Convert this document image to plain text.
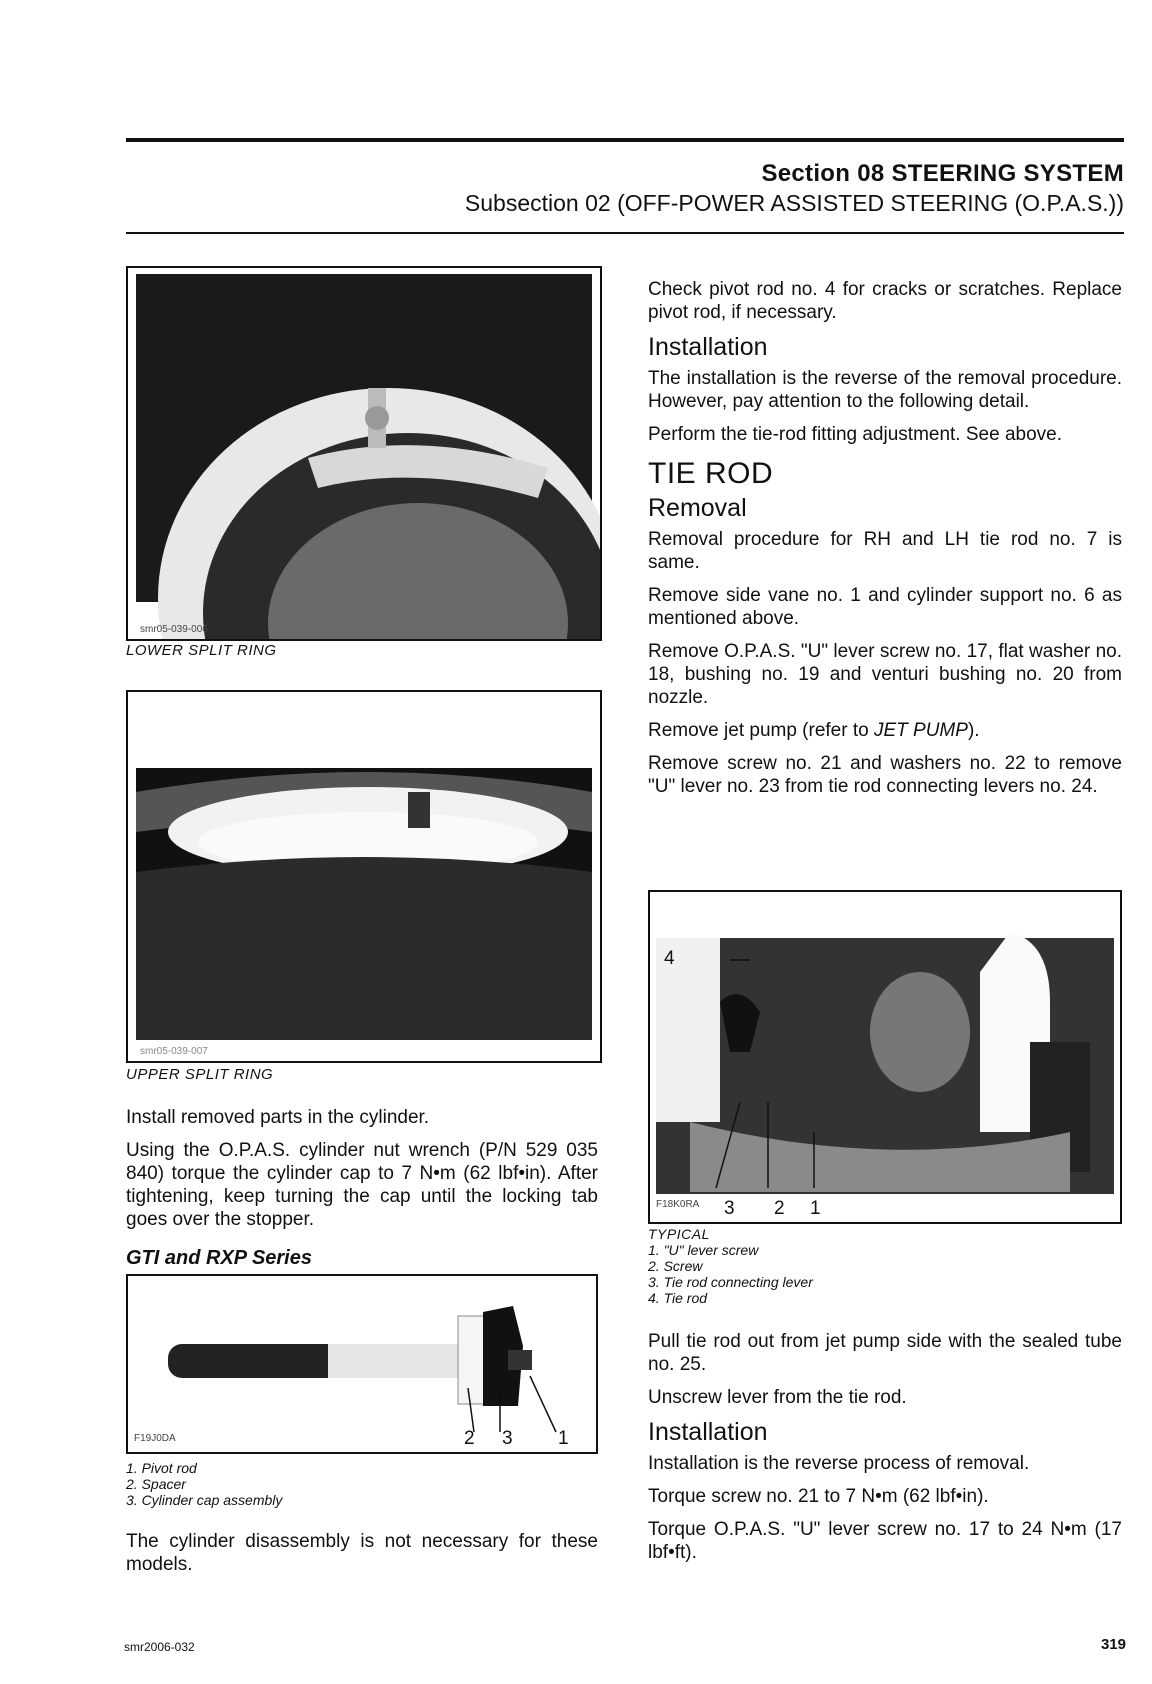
Section 08 STEERING SYSTEM
Subsection 02 (OFF-POWER ASSISTED STEERING (O.P.A.S.))
smr05-039-006
LOWER SPLIT RING
smr05-039-007
UPPER SPLIT RING

Install removed parts in the cylinder.

Using the O.P.A.S. cylinder nut wrench (P/N 529 035 840) torque the cylinder cap to 7 N•m (62 lbf•in). After tightening, keep turning the cap until the locking tab goes over the stopper.

GTI and RXP Series
F19J0DA	2 3 1
1. Pivot rod
2. Spacer
3. Cylinder cap assembly

The cylinder disassembly is not necessary for these models.

Check pivot rod no. 4 for cracks or scratches. Replace pivot rod, if necessary.

Installation

The installation is the reverse of the removal procedure. However, pay attention to the following detail.

Perform the tie-rod fitting adjustment. See above.

TIE ROD
Removal

Removal procedure for RH and LH tie rod no. 7 is same.

Remove side vane no. 1 and cylinder support no. 6 as mentioned above.

Remove O.P.A.S. "U" lever screw no. 17, flat washer no. 18, bushing no. 19 and venturi bushing no. 20 from nozzle.

Remove jet pump (refer to JET PUMP).

Remove screw no. 21 and washers no. 22 to remove "U" lever no. 23 from tie rod connecting levers no. 24.

4
F18K0RA 3 2 1
TYPICAL
1. "U" lever screw
2. Screw
3. Tie rod connecting lever
4. Tie rod

Pull tie rod out from jet pump side with the sealed tube no. 25.

Unscrew lever from the tie rod.

Installation

Installation is the reverse process of removal.

Torque screw no. 21 to 7 N•m (62 lbf•in).

Torque O.P.A.S. "U" lever screw no. 17 to 24 N•m (17 lbf•ft).

smr2006-032	319
